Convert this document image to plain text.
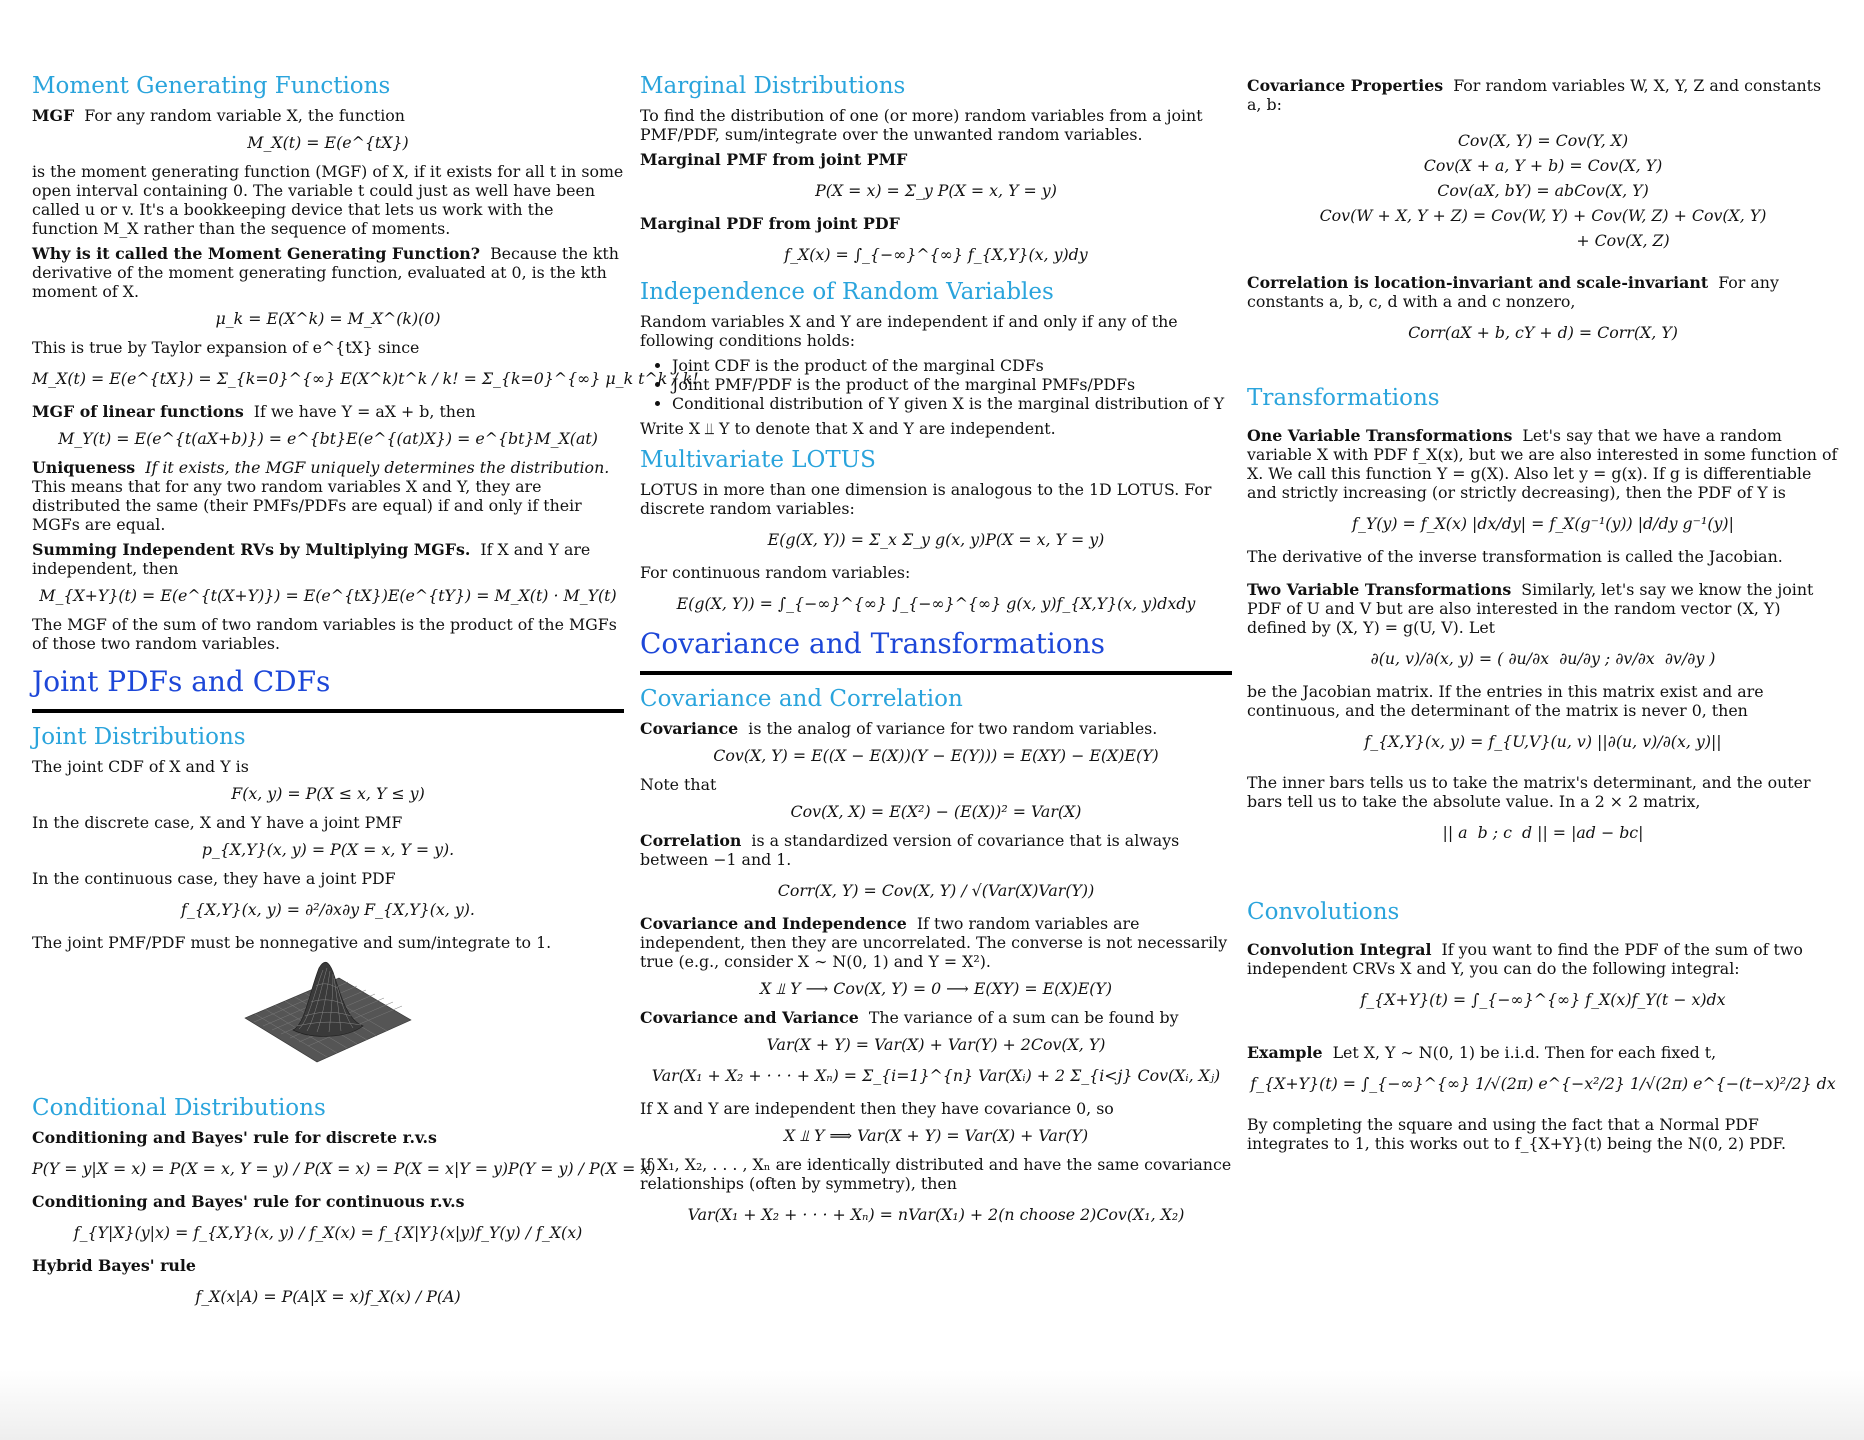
Moment Generating Functions

MGF For any random variable X, the function

M_X(t) = E(e^{tX})

is the moment generating function (MGF) of X, if it exists for all t in some open interval containing 0. The variable t could just as well have been called u or v. It's a bookkeeping device that lets us work with the function M_X rather than the sequence of moments.

Why is it called the Moment Generating Function? Because the kth derivative of the moment generating function, evaluated at 0, is the kth moment of X.

μ_k = E(X^k) = M_X^(k)(0)

This is true by Taylor expansion of e^{tX} since

M_X(t) = E(e^{tX}) = Σ_{k=0}^{∞} E(X^k)t^k / k! = Σ_{k=0}^{∞} μ_k t^k / k!

MGF of linear functions If we have Y = aX + b, then

M_Y(t) = E(e^{t(aX+b)}) = e^{bt}E(e^{(at)X}) = e^{bt}M_X(at)

Uniqueness If it exists, the MGF uniquely determines the distribution. This means that for any two random variables X and Y, they are distributed the same (their PMFs/PDFs are equal) if and only if their MGFs are equal.

Summing Independent RVs by Multiplying MGFs. If X and Y are independent, then

M_{X+Y}(t) = E(e^{t(X+Y)}) = E(e^{tX})E(e^{tY}) = M_X(t) · M_Y(t)

The MGF of the sum of two random variables is the product of the MGFs of those two random variables.

Joint PDFs and CDFs
Joint Distributions

The joint CDF of X and Y is

F(x, y) = P(X ≤ x, Y ≤ y)

In the discrete case, X and Y have a joint PMF

p_{X,Y}(x, y) = P(X = x, Y = y).

In the continuous case, they have a joint PDF

f_{X,Y}(x, y) = ∂²/∂x∂y F_{X,Y}(x, y).

The joint PMF/PDF must be nonnegative and sum/integrate to 1.

Conditional Distributions

Conditioning and Bayes' rule for discrete r.v.s

P(Y = y|X = x) = P(X = x, Y = y) / P(X = x) = P(X = x|Y = y)P(Y = y) / P(X = x)

Conditioning and Bayes' rule for continuous r.v.s

f_{Y|X}(y|x) = f_{X,Y}(x, y) / f_X(x) = f_{X|Y}(x|y)f_Y(y) / f_X(x)

Hybrid Bayes' rule

f_X(x|A) = P(A|X = x)f_X(x) / P(A)
Marginal Distributions

To find the distribution of one (or more) random variables from a joint PMF/PDF, sum/integrate over the unwanted random variables.

Marginal PMF from joint PMF

P(X = x) = Σ_y P(X = x, Y = y)

Marginal PDF from joint PDF

f_X(x) = ∫_{−∞}^{∞} f_{X,Y}(x, y)dy
Independence of Random Variables

Random variables X and Y are independent if and only if any of the following conditions holds:

• Joint CDF is the product of the marginal CDFs
• Joint PMF/PDF is the product of the marginal PMFs/PDFs
• Conditional distribution of Y given X is the marginal distribution of Y

Write X ⫫ Y to denote that X and Y are independent.

Multivariate LOTUS

LOTUS in more than one dimension is analogous to the 1D LOTUS. For discrete random variables:

E(g(X, Y)) = Σ_x Σ_y g(x, y)P(X = x, Y = y)

For continuous random variables:

E(g(X, Y)) = ∫_{−∞}^{∞} ∫_{−∞}^{∞} g(x, y)f_{X,Y}(x, y)dxdy
Covariance and Transformations
Covariance and Correlation

Covariance is the analog of variance for two random variables.

Cov(X, Y) = E((X − E(X))(Y − E(Y))) = E(XY) − E(X)E(Y)

Note that

Cov(X, X) = E(X²) − (E(X))² = Var(X)

Correlation is a standardized version of covariance that is always between −1 and 1.

Corr(X, Y) = Cov(X, Y) / √(Var(X)Var(Y))

Covariance and Independence If two random variables are independent, then they are uncorrelated. The converse is not necessarily true (e.g., consider X ∼ N(0, 1) and Y = X²).

X ⫫ Y ⟶ Cov(X, Y) = 0 ⟶ E(XY) = E(X)E(Y)

Covariance and Variance The variance of a sum can be found by

Var(X + Y) = Var(X) + Var(Y) + 2Cov(X, Y)
Var(X₁ + X₂ + · · · + Xₙ) = Σ_{i=1}^{n} Var(Xᵢ) + 2 Σ_{i<j} Cov(Xᵢ, Xⱼ)

If X and Y are independent then they have covariance 0, so

X ⫫ Y ⟹ Var(X + Y) = Var(X) + Var(Y)

If X₁, X₂, . . . , Xₙ are identically distributed and have the same covariance relationships (often by symmetry), then

Var(X₁ + X₂ + · · · + Xₙ) = nVar(X₁) + 2(n choose 2)Cov(X₁, X₂)

Covariance Properties For random variables W, X, Y, Z and constants a, b:

Cov(X, Y) = Cov(Y, X)
Cov(X + a, Y + b) = Cov(X, Y)
Cov(aX, bY) = abCov(X, Y)
Cov(W + X, Y + Z) = Cov(W, Y) + Cov(W, Z) + Cov(X, Y)
+ Cov(X, Z)

Correlation is location-invariant and scale-invariant For any constants a, b, c, d with a and c nonzero,

Corr(aX + b, cY + d) = Corr(X, Y)
Transformations

One Variable Transformations Let's say that we have a random variable X with PDF f_X(x), but we are also interested in some function of X. We call this function Y = g(X). Also let y = g(x). If g is differentiable and strictly increasing (or strictly decreasing), then the PDF of Y is

f_Y(y) = f_X(x) |dx/dy| = f_X(g⁻¹(y)) |d/dy g⁻¹(y)|

The derivative of the inverse transformation is called the Jacobian.

Two Variable Transformations Similarly, let's say we know the joint PDF of U and V but are also interested in the random vector (X, Y) defined by (X, Y) = g(U, V). Let

∂(u, v)/∂(x, y) = ( ∂u/∂x  ∂u/∂y ; ∂v/∂x  ∂v/∂y )

be the Jacobian matrix. If the entries in this matrix exist and are continuous, and the determinant of the matrix is never 0, then

f_{X,Y}(x, y) = f_{U,V}(u, v) ||∂(u, v)/∂(x, y)||

The inner bars tells us to take the matrix's determinant, and the outer bars tell us to take the absolute value. In a 2 × 2 matrix,

|| a  b ; c  d || = |ad − bc|
Convolutions

Convolution Integral If you want to find the PDF of the sum of two independent CRVs X and Y, you can do the following integral:

f_{X+Y}(t) = ∫_{−∞}^{∞} f_X(x)f_Y(t − x)dx

Example Let X, Y ∼ N(0, 1) be i.i.d. Then for each fixed t,

f_{X+Y}(t) = ∫_{−∞}^{∞} 1/√(2π) e^{−x²/2} 1/√(2π) e^{−(t−x)²/2} dx

By completing the square and using the fact that a Normal PDF integrates to 1, this works out to f_{X+Y}(t) being the N(0, 2) PDF.
